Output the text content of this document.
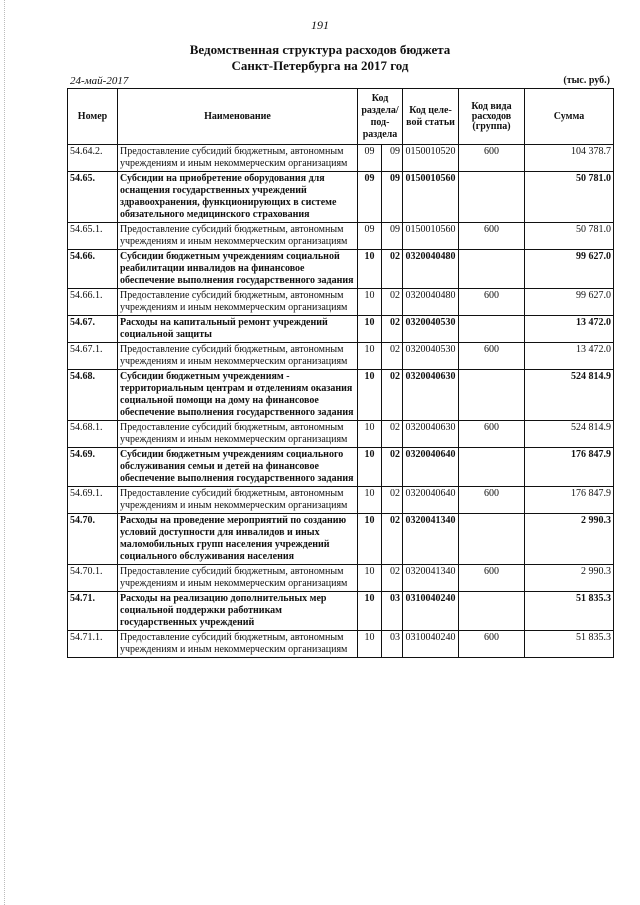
191
Ведомственная структура расходов бюджета
Санкт-Петербурга на 2017 год
24-май-2017	(тыс. руб.)
Номер	Наименование	Код раздела/ под-раздела		Код целе-вой статьи	Код вида расходов (группа)	Сумма
54.64.2.	Предоставление субсидий бюджетным, автономным учреждениям и иным некоммерческим организациям	09	09	0150010520	600	104 378.7
54.65.	Субсидии на приобретение оборудования для оснащения государственных учреждений здравоохранения, функционирующих в системе обязательного медицинского страхования	09	09	0150010560		50 781.0
54.65.1.	Предоставление субсидий бюджетным, автономным учреждениям и иным некоммерческим организациям	09	09	0150010560	600	50 781.0
54.66.	Субсидии бюджетным учреждениям социальной реабилитации инвалидов на финансовое обеспечение выполнения государственного задания	10	02	0320040480		99 627.0
54.66.1.	Предоставление субсидий бюджетным, автономным учреждениям и иным некоммерческим организациям	10	02	0320040480	600	99 627.0
54.67.	Расходы на капитальный ремонт учреждений социальной защиты	10	02	0320040530		13 472.0
54.67.1.	Предоставление субсидий бюджетным, автономным учреждениям и иным некоммерческим организациям	10	02	0320040530	600	13 472.0
54.68.	Субсидии бюджетным учреждениям - территориальным центрам и отделениям оказания социальной помощи на дому на финансовое обеспечение выполнения государственного задания	10	02	0320040630		524 814.9
54.68.1.	Предоставление субсидий бюджетным, автономным учреждениям и иным некоммерческим организациям	10	02	0320040630	600	524 814.9
54.69.	Субсидии бюджетным учреждениям социального обслуживания семьи и детей на финансовое обеспечение выполнения государственного задания	10	02	0320040640		176 847.9
54.69.1.	Предоставление субсидий бюджетным, автономным учреждениям и иным некоммерческим организациям	10	02	0320040640	600	176 847.9
54.70.	Расходы на проведение мероприятий по созданию условий доступности для инвалидов и иных маломобильных групп населения учреждений социального обслуживания населения	10	02	0320041340		2 990.3
54.70.1.	Предоставление субсидий бюджетным, автономным учреждениям и иным некоммерческим организациям	10	02	0320041340	600	2 990.3
54.71.	Расходы на реализацию дополнительных мер социальной поддержки работникам государственных учреждений	10	03	0310040240		51 835.3
54.71.1.	Предоставление субсидий бюджетным, автономным учреждениям и иным некоммерческим организациям	10	03	0310040240	600	51 835.3
